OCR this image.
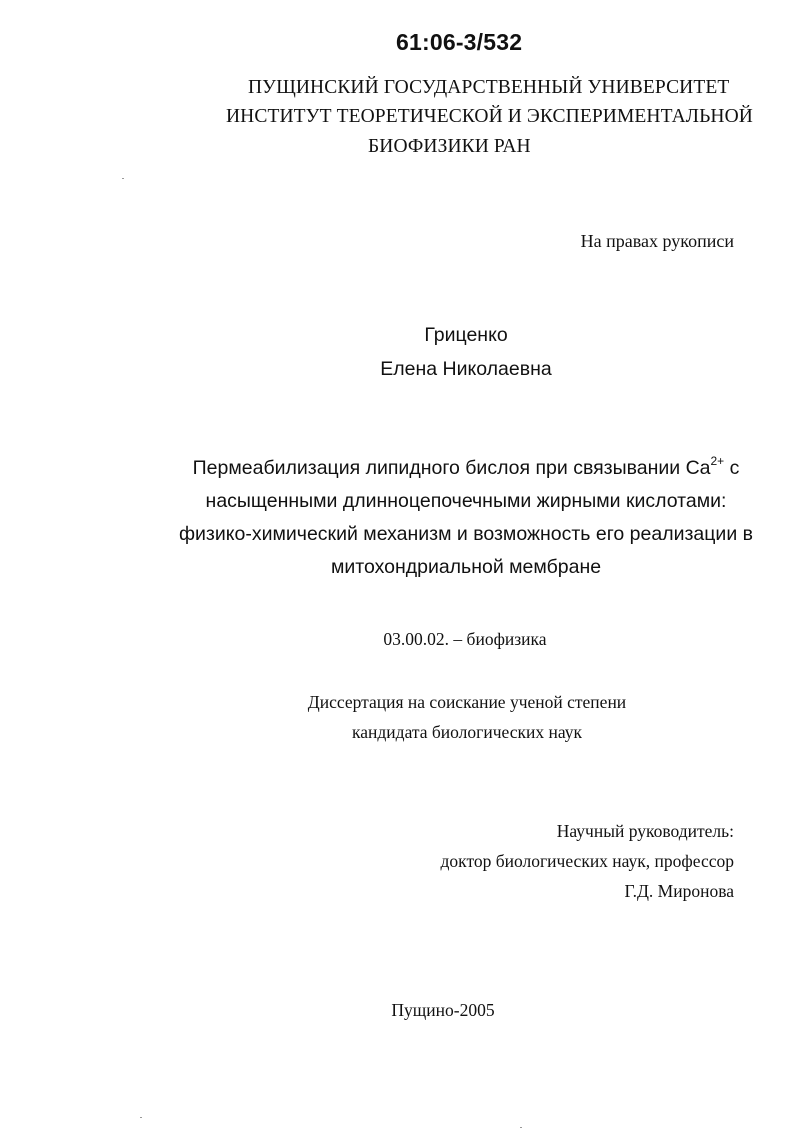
61:06-3/532
ПУЩИНСКИЙ ГОСУДАРСТВЕННЫЙ УНИВЕРСИТЕТ
ИНСТИТУТ ТЕОРЕТИЧЕСКОЙ И ЭКСПЕРИМЕНТАЛЬНОЙ
БИОФИЗИКИ РАН
На правах рукописи
Гриценко
Елена Николаевна
Пермеабилизация липидного бислоя при связывании $Ca^{2+}$ с
насыщенными длинноцепочечными жирными кислотами:
физико-химический механизм и возможность его реализации в
митохондриальной мембране
03.00.02. – биофизика
Диссертация на соискание ученой степени
кандидата биологических наук
Научный руководитель:
доктор биологических наук, профессор
Г.Д. Миронова
Пущино-2005
